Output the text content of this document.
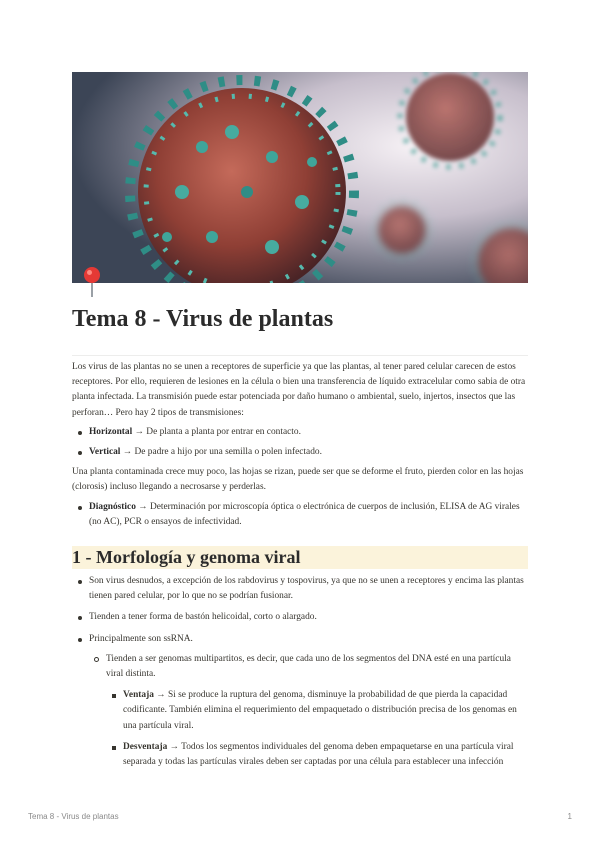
Tema 8 - Virus de plantas

Los virus de las plantas no se unen a receptores de superficie ya que las plantas, al tener pared celular carecen de estos receptores. Por ello, requieren de lesiones en la célula o bien una transferencia de líquido extracelular como sabia de otra planta infectada. La transmisión puede estar potenciada por daño humano o ambiental, suelo, injertos, insectos que las perforan… Pero hay 2 tipos de transmisiones:

Horizontal → De planta a planta por entrar en contacto.
Vertical → De padre a hijo por una semilla o polen infectado.

Una planta contaminada crece muy poco, las hojas se rizan, puede ser que se deforme el fruto, pierden color en las hojas (clorosis) incluso llegando a necrosarse y perderlas.

Diagnóstico → Determinación por microscopía óptica o electrónica de cuerpos de inclusión, ELISA de AG virales (no AC), PCR o ensayos de infectividad.
1 - Morfología y genoma viral
Son virus desnudos, a excepción de los rabdovirus y tospovirus, ya que no se unen a receptores y encima las plantas tienen pared celular, por lo que no se podrían fusionar.
Tienden a tener forma de bastón helicoidal, corto o alargado.
Principalmente son ssRNA.
Tienden a ser genomas multipartitos, es decir, que cada uno de los segmentos del DNA esté en una partícula viral distinta.
Ventaja → Si se produce la ruptura del genoma, disminuye la probabilidad de que pierda la capacidad codificante. También elimina el requerimiento del empaquetado o distribución precisa de los genomas en una partícula viral.
Desventaja → Todos los segmentos individuales del genoma deben empaquetarse en una partícula viral separada y todas las partículas virales deben ser captadas por una célula para establecer una infección
Tema 8 - Virus de plantas	1
